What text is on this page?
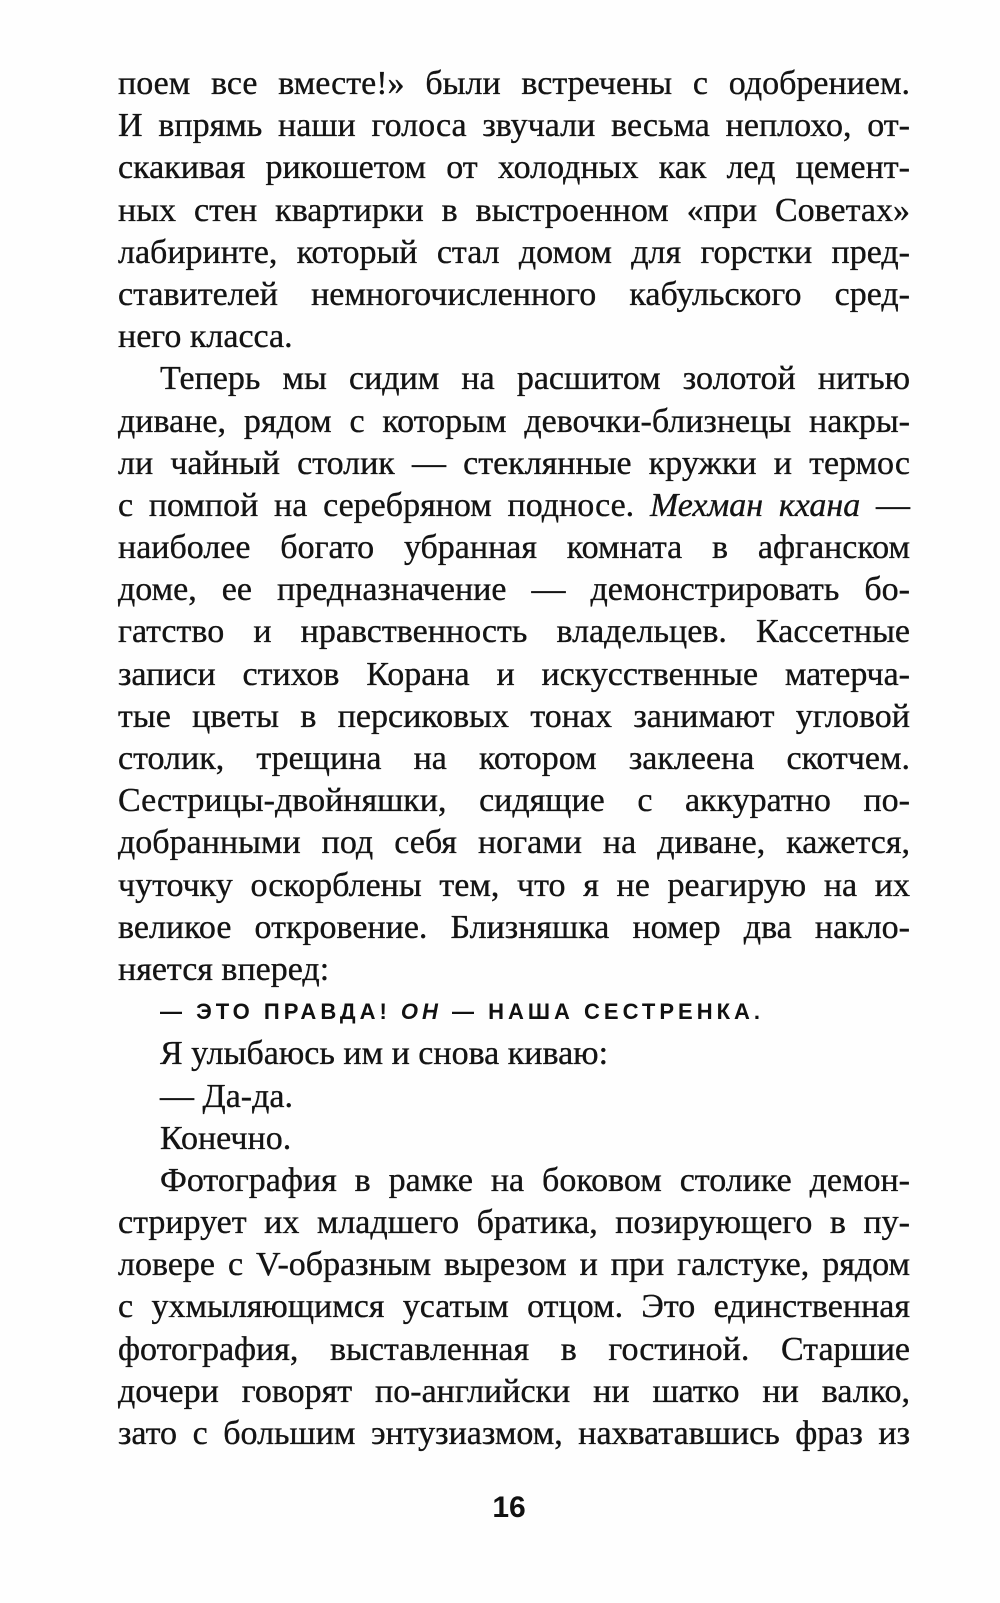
поем все вместе!» были встречены с одобрением.
И впрямь наши голоса звучали весьма неплохо, от-
скакивая рикошетом от холодных как лед цемент-
ных стен квартирки в выстроенном «при Советах»
лабиринте, который стал домом для горстки пред-
ставителей немногочисленного кабульского сред-
него класса.
Теперь мы сидим на расшитом золотой нитью
диване, рядом с которым девочки-близнецы накры-
ли чайный столик — стеклянные кружки и термос
с помпой на серебряном подносе. Мехман кхана —
наиболее богато убранная комната в афганском
доме, ее предназначение — демонстрировать бо-
гатство и нравственность владельцев. Кассетные
записи стихов Корана и искусственные матерча-
тые цветы в персиковых тонах занимают угловой
столик, трещина на котором заклеена скотчем.
Сестрицы-двойняшки, сидящие с аккуратно по-
добранными под себя ногами на диване, кажется,
чуточку оскорблены тем, что я не реагирую на их
великое откровение. Близняшка номер два накло-
няется вперед:
— ЭТО ПРАВДА! ОН — НАША СЕСТРЕНКА.
Я улыбаюсь им и снова киваю:
— Да-да.
Конечно.
Фотография в рамке на боковом столике демон-
стрирует их младшего братика, позирующего в пу-
ловере с V-образным вырезом и при галстуке, рядом
с ухмыляющимся усатым отцом. Это единственная
фотография, выставленная в гостиной. Старшие
дочери говорят по-английски ни шатко ни валко,
зато с большим энтузиазмом, нахватавшись фраз из
16
